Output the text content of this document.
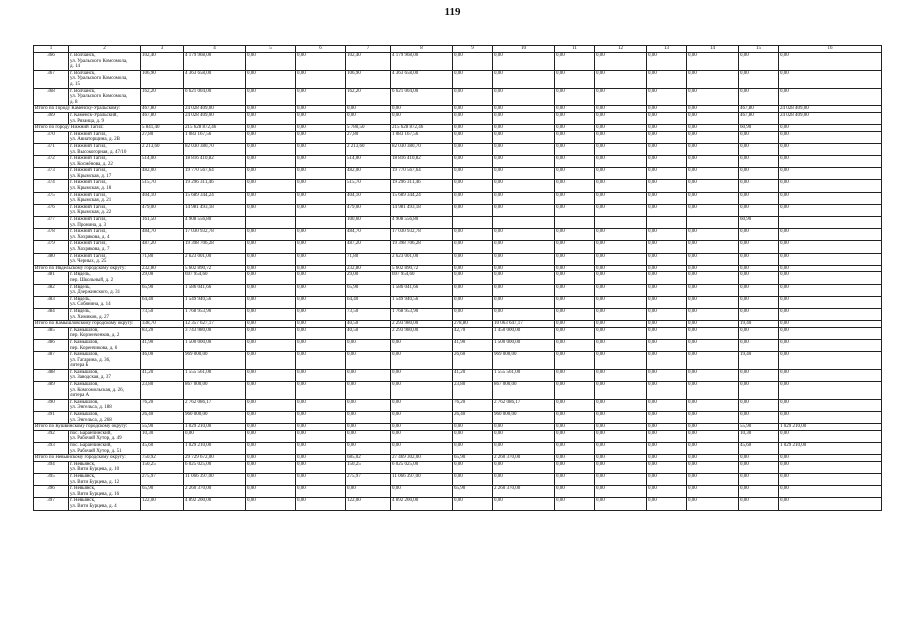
119
1	2	3	4	5	6	7	8	9	10	11	12	13	14	15	16
366	г. Волчанск,
ул. Уральского Комсомола,
д. 14	102,40	4 179 968,00	0,00	0,00	102,40	4 179 968,00	0,00	0,00	0,00	0,00	0,00	0,00	0,00	0,00
367	г. Волчанск,
ул. Уральского Комсомола,
д. 15	106,90	4 363 658,00	0,00	0,00	106,90	4 363 658,00	0,00	0,00	0,00	0,00	0,00	0,00	0,00	0,00
368	г. Волчанск,
ул. Уральского Комсомола,
д. 8	162,20	6 621 004,00	0,00	0,00	162,20	6 621 004,00	0,00	0,00	0,00	0,00	0,00	0,00	0,00	0,00
Итого по Городу Каменску-Уральскому:		467,80	24 028 409,00	0,00	0,00	0,00	0,00	0,00	0,00	0,00	0,00	0,00	0,00	467,80	24 028 409,00
369	г. Каменск-Уральский,
ул. Рязанца, д. 9	467,80	24 028 409,00	0,00	0,00	0,00	0,00	0,00	0,00	0,00	0,00	0,00	0,00	467,80	24 028 409,00
Итого по городу Нижний Тагил:		5 841,40	215 628 872,46	0,00	0,00	5 780,50	215 628 872,46	0,00	0,00	0,00	0,00	0,00	0,00	60,90	0,00
370	г. Нижний Тагил,
ул. Авиаторщина, д. 2В	27,80	1 083 167,56	0,00	0,00	27,80	1 083 167,56	0,00	0,00	0,00	0,00	0,00	0,00	0,00	0,00
371	г. Нижний Тагил,
ул. Высокогорная, д. 47/10	2 213,60	82 030 380,70	0,00	0,00	2 213,60	82 030 380,70	0,00	0,00	0,00	0,00	0,00	0,00	0,00	0,00
372	г. Нижний Тагил,
ул. Космёнова, д. 22	514,00	18 816 410,82	0,00	0,00	514,00	18 816 410,82	0,00	0,00	0,00	0,00	0,00	0,00	0,00	0,00
373	г. Нижний Тагил,
ул. Крымская, д. 17	482,00	19 770 567,64	0,00	0,00	482,00	19 770 567,64	0,00	0,00	0,00	0,00	0,00	0,00	0,00	0,00
374	г. Нижний Тагил,
ул. Крымская, д. 18	515,70	19 296 311,46	0,00	0,00	515,70	19 296 311,46	0,00	0,00	0,00	0,00	0,00	0,00	0,00	0,00
375	г. Нижний Тагил,
ул. Крымская, д. 21	404,10	15 689 344,24	0,00	0,00	404,10	15 689 344,24	0,00	0,00	0,00	0,00	0,00	0,00	0,00	0,00
376	г. Нижний Тагил,
ул. Крымская, д. 22	479,00	14 981 493,18	0,00	0,00	479,00	14 981 493,18	0,00	0,00	0,00	0,00	0,00	0,00	0,00	0,00
377	г. Нижний Тагил,
ул. Пронина, д. 3	161,50	4 908 556,80			100,60	4 908 556,80							60,90	
378	г. Нижний Тагил,
ул. Хохрякова, д. 4	484,70	17 030 932,78	0,00	0,00	484,70	17 030 932,78	0,00	0,00	0,00	0,00	0,00	0,00	0,00	0,00
379	г. Нижний Тагил,
ул. Хохрякова, д. 7	487,20	19 398 706,28	0,00	0,00	487,20	19 398 706,28	0,00	0,00	0,00	0,00	0,00	0,00	0,00	0,00
380	г. Нижний Тагил,
ул. Черных, д. 25	71,80	2 623 001,00	0,00	0,00	71,80	2 623 001,00	0,00	0,00	0,00	0,00	0,00	0,00	0,00	0,00
Итого по Ивдельскому городскому округу:		232,80	5 602 890,72	0,00	0,00	232,80	5 602 890,72	0,00	0,00	0,00	0,00	0,00	0,00	0,00	0,00
381	г. Ивдель,
пер. Школьный, д. 2	29,00	697 954,60	0,00	0,00	29,00	697 954,60	0,00	0,00	0,00	0,00	0,00	0,00	0,00	0,00
382	г. Ивдель,
ул. Дзержинского, д. 31	65,90	1 586 041,66	0,00	0,00	65,90	1 586 041,66	0,00	0,00	0,00	0,00	0,00	0,00	0,00	0,00
383	г. Ивдель,
ул. Собянина, д. 14	64,40	1 549 940,56	0,00	0,00	64,40	1 549 940,56	0,00	0,00	0,00	0,00	0,00	0,00	0,00	0,00
384	г. Ивдель,
ул. Химиков, д. 27	73,50	1 768 953,90	0,00	0,00	73,50	1 768 953,90	0,00	0,00	0,00	0,00	0,00	0,00	0,00	0,00
Итого по Камышловскому городскому округу:		338,70	12 357 627,17	0,00	0,00	40,50	2 293 980,00	278,80	10 063 647,17	0,00	0,00	0,00	0,00	19,40	0,00
385	г. Камышлов,
пер. Корзенченков, д. 2	83,20	3 743 980,00	0,00	0,00	40,50	2 293 980,00	42,70	1 450 000,00	0,00	0,00	0,00	0,00	0,00	0,00
386	г. Камышлов,
пер. Коренчикова, д. 6	41,90	1 500 000,00	0,00	0,00	0,00	0,00	41,90	1 500 000,00	0,00	0,00	0,00	0,00	0,00	0,00
387	г. Камышлов,
ул. Гагарина, д. 36,
литера Б	46,00	969 000,00	0,00	0,00	0,00	0,00	26,60	969 000,00	0,00	0,00	0,00	0,00	19,40	0,00
388	г. Камышлов,
ул. Заводская, д. 37	41,20	1 555 561,00	0,00	0,00	0,00	0,00	41,20	1 555 561,00	0,00	0,00	0,00	0,00	0,00	0,00
389	г. Камышлов,
ул. Комсомольская, д. 26,
литера А	23,80	867 000,00	0,00	0,00	0,00	0,00	23,80	867 000,00	0,00	0,00	0,00	0,00	0,00	0,00
390	г. Камышлов,
ул. Энгельса, д. 188	76,20	2 762 086,17	0,00	0,00	0,00	0,00	76,20	2 762 086,17	0,00	0,00	0,00	0,00	0,00	0,00
391	г. Камышлов,
ул. Энгельса, д. 268	26,40	960 000,00	0,00	0,00	0,00	0,00	26,40	960 000,00	0,00	0,00	0,00	0,00	0,00	0,00
Итого по Кушвинскому городскому округу:		55,90	1 029 210,00	0,00	0,00	0,00	0,00	0,00	0,00	0,00	0,00	0,00	0,00	55,90	1 029 210,00
392	пос. Баранчинский,
ул. Рабочий Хутор, д. 49	10,30	0,00	0,00	0,00	0,00	0,00	0,00	0,00	0,00	0,00	0,00	0,00	10,30	0,00
393	пос. Баранчинский,
ул. Рабочий Хутор, д. 51	45,60	1 029 210,00	0,00	0,00	0,00	0,00	0,00	0,00	0,00	0,00	0,00	0,00	45,60	1 029 210,00
Итого по Невьянскому городскому округу:		750,92	29 729 672,00	0,00	0,00	685,02	27 469 302,00	65,90	2 260 370,00	0,00	0,00	0,00	0,00	0,00	0,00
394	г. Невьянск,
ул. Вити Бурцева, д. 10	150,25	6 025 025,00	0,00	0,00	150,25	6 025 025,00	0,00	0,00	0,00	0,00	0,00	0,00	0,00	0,00
395	г. Невьянск,
ул. Вити Бурцева, д. 12	275,97	11 066 397,00	0,00	0,00	275,97	11 066 397,00	0,00	0,00	0,00	0,00	0,00	0,00	0,00	0,00
396	г. Невьянск,
ул. Вити Бурцева, д. 16	65,90	2 260 370,00	0,00	0,00	0,00	0,00	65,90	2 260 370,00	0,00	0,00	0,00	0,00	0,00	0,00
397	г. Невьянск,
ул. Вити Бурцева, д. 4	122,00	4 892 200,00	0,00	0,00	122,00	4 892 200,00	0,00	0,00	0,00	0,00	0,00	0,00	0,00	0,00
